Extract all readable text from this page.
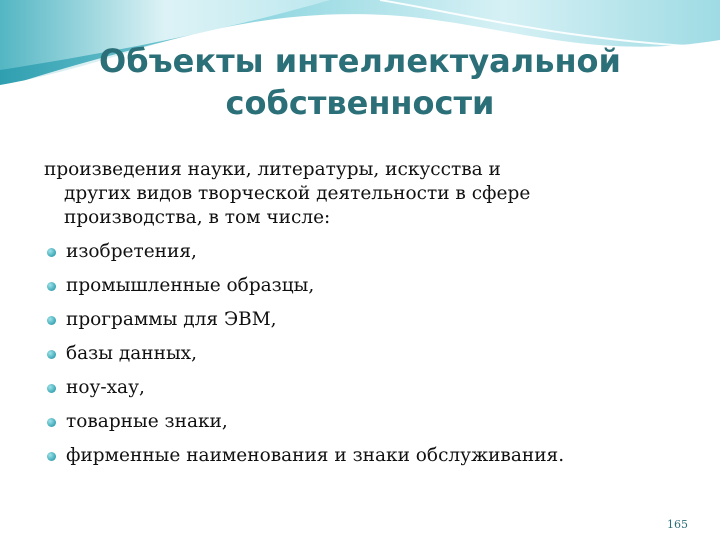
Объекты интеллектуальной
собственности
произведения науки, литературы, искусства и
других видов творческой деятельности в сфере
производства, в том числе:
изобретения,
промышленные образцы,
программы для ЭВМ,
базы данных,
ноу-хау,
товарные знаки,
фирменные наименования и знаки обслуживания.
165
